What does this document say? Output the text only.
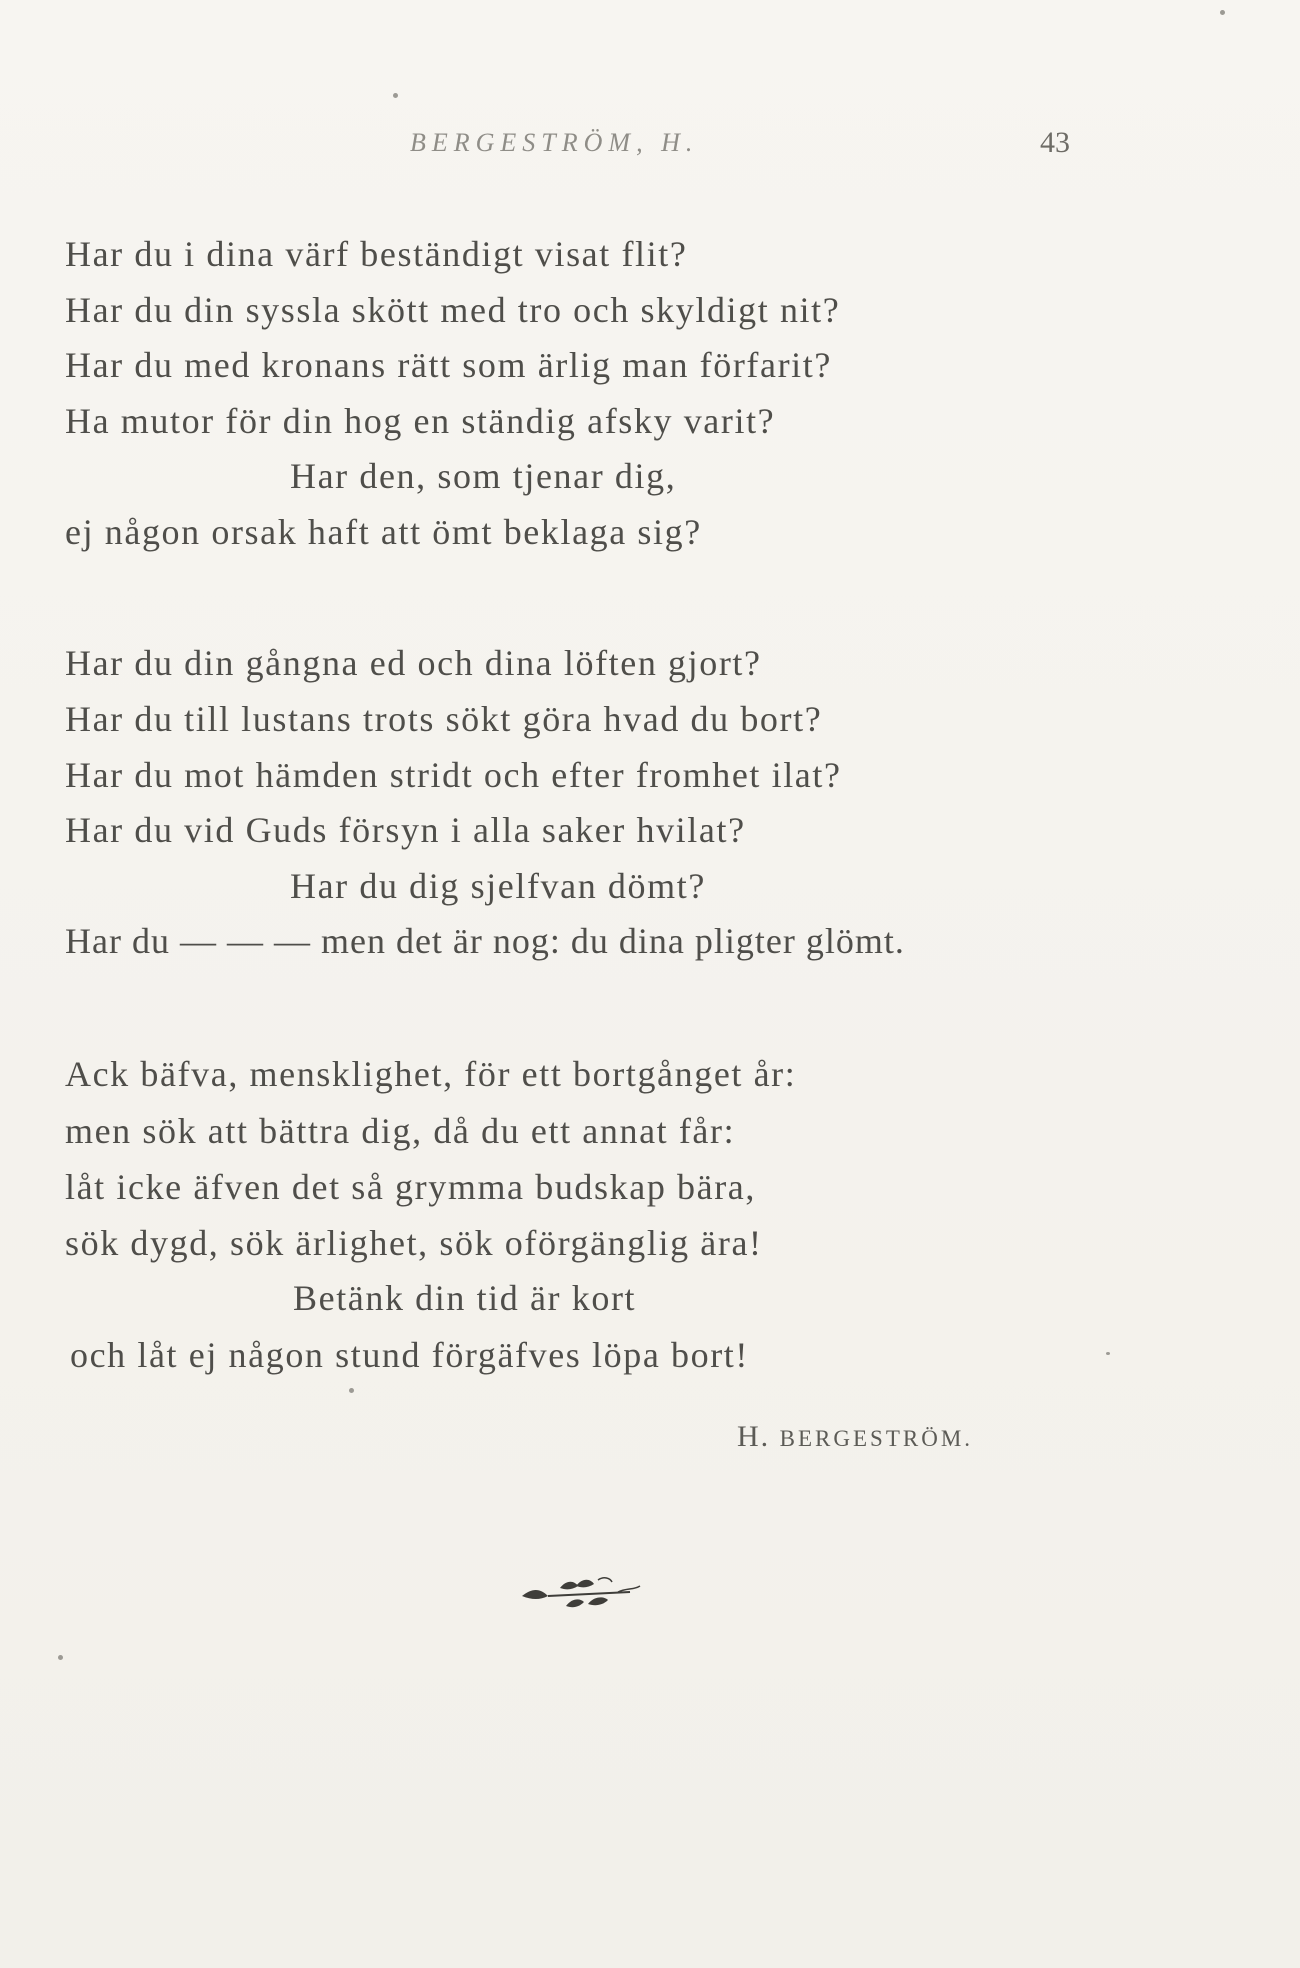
BERGESTRÖM, H.	43
Har du i dina värf beständigt visat flit?
Har du din syssla skött med tro och skyldigt nit?
Har du med kronans rätt som ärlig man förfarit?
Ha mutor för din hog en ständig afsky varit?
Har den, som tjenar dig,
ej någon orsak haft att ömt beklaga sig?
Har du din gångna ed och dina löften gjort?
Har du till lustans trots sökt göra hvad du bort?
Har du mot hämden stridt och efter fromhet ilat?
Har du vid Guds försyn i alla saker hvilat?
Har du dig sjelfvan dömt?
Har du — — — men det är nog: du dina pligter glömt.
Ack bäfva, mensklighet, för ett bortgånget år:
men sök att bättra dig, då du ett annat får:
låt icke äfven det så grymma budskap bära,
sök dygd, sök ärlighet, sök oförgänglig ära!
Betänk din tid är kort
och låt ej någon stund förgäfves löpa bort!
H. BERGESTRÖM.
